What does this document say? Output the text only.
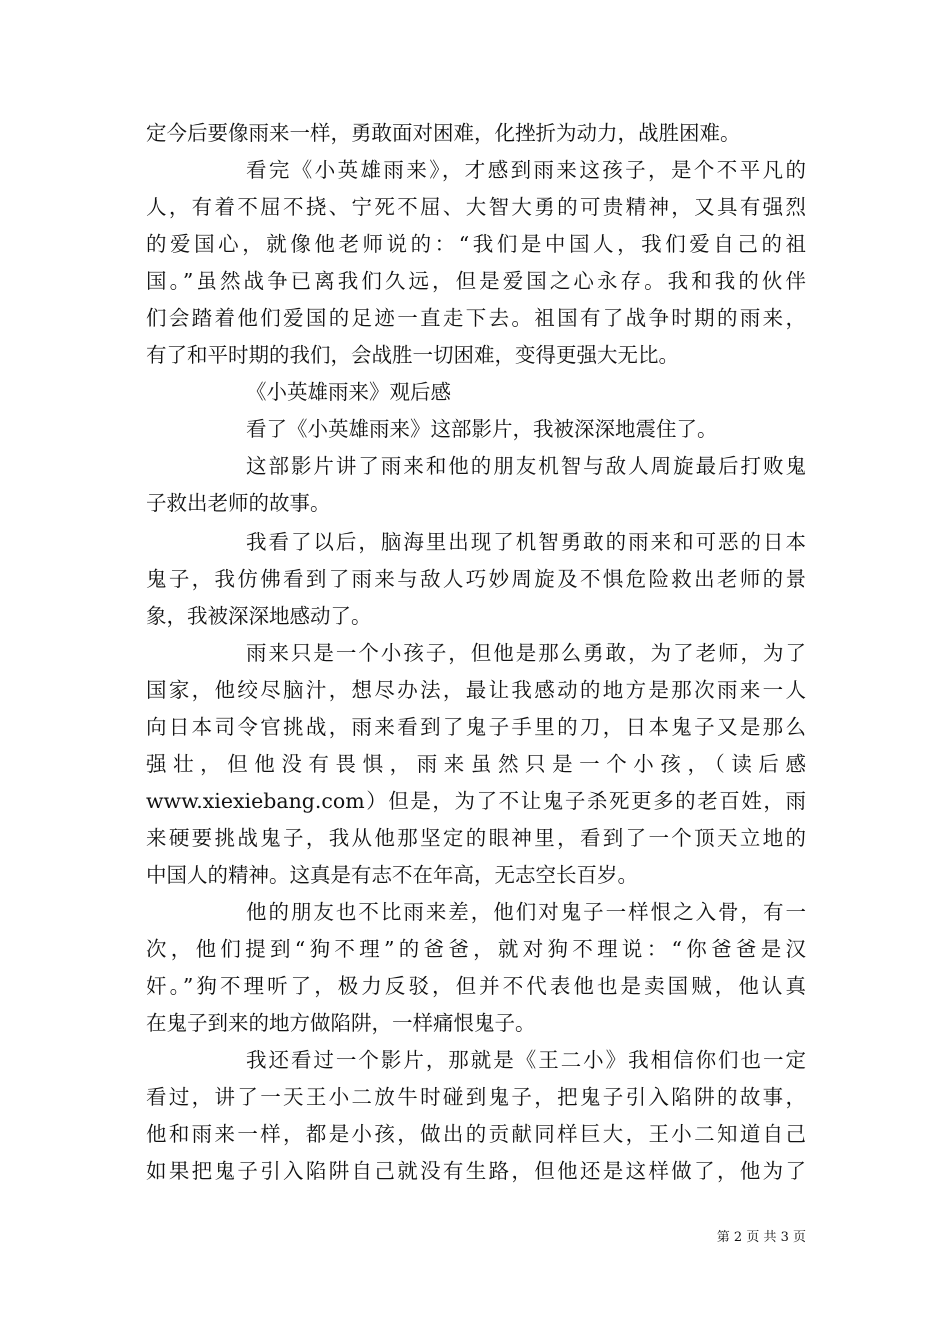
定今后要像雨来一样，勇敢面对困难，化挫折为动力，战胜困难。
看完《小英雄雨来》，才感到雨来这孩子，是个不平凡的
人，有着不屈不挠、宁死不屈、大智大勇的可贵精神，又具有强烈
的爱国心，就像他老师说的：“我们是中国人，我们爱自己的祖
国。”虽然战争已离我们久远，但是爱国之心永存。我和我的伙伴
们会踏着他们爱国的足迹一直走下去。祖国有了战争时期的雨来，
有了和平时期的我们，会战胜一切困难，变得更强大无比。
《小英雄雨来》观后感
看了《小英雄雨来》这部影片，我被深深地震住了。
这部影片讲了雨来和他的朋友机智与敌人周旋最后打败鬼
子救出老师的故事。
我看了以后，脑海里出现了机智勇敢的雨来和可恶的日本
鬼子，我仿佛看到了雨来与敌人巧妙周旋及不惧危险救出老师的景
象，我被深深地感动了。
雨来只是一个小孩子，但他是那么勇敢，为了老师，为了
国家，他绞尽脑汁，想尽办法，最让我感动的地方是那次雨来一人
向日本司令官挑战，雨来看到了鬼子手里的刀，日本鬼子又是那么
强壮，但他没有畏惧，雨来虽然只是一个小孩，（读后感
www.xiexiebang.com）但是，为了不让鬼子杀死更多的老百姓，雨
来硬要挑战鬼子，我从他那坚定的眼神里，看到了一个顶天立地的
中国人的精神。这真是有志不在年高，无志空长百岁。
他的朋友也不比雨来差，他们对鬼子一样恨之入骨，有一
次，他们提到“狗不理”的爸爸，就对狗不理说：“你爸爸是汉
奸。”狗不理听了，极力反驳，但并不代表他也是卖国贼，他认真
在鬼子到来的地方做陷阱，一样痛恨鬼子。
我还看过一个影片，那就是《王二小》我相信你们也一定
看过，讲了一天王小二放牛时碰到鬼子，把鬼子引入陷阱的故事，
他和雨来一样，都是小孩，做出的贡献同样巨大，王小二知道自己
如果把鬼子引入陷阱自己就没有生路，但他还是这样做了，他为了
第 2 页 共 3 页
